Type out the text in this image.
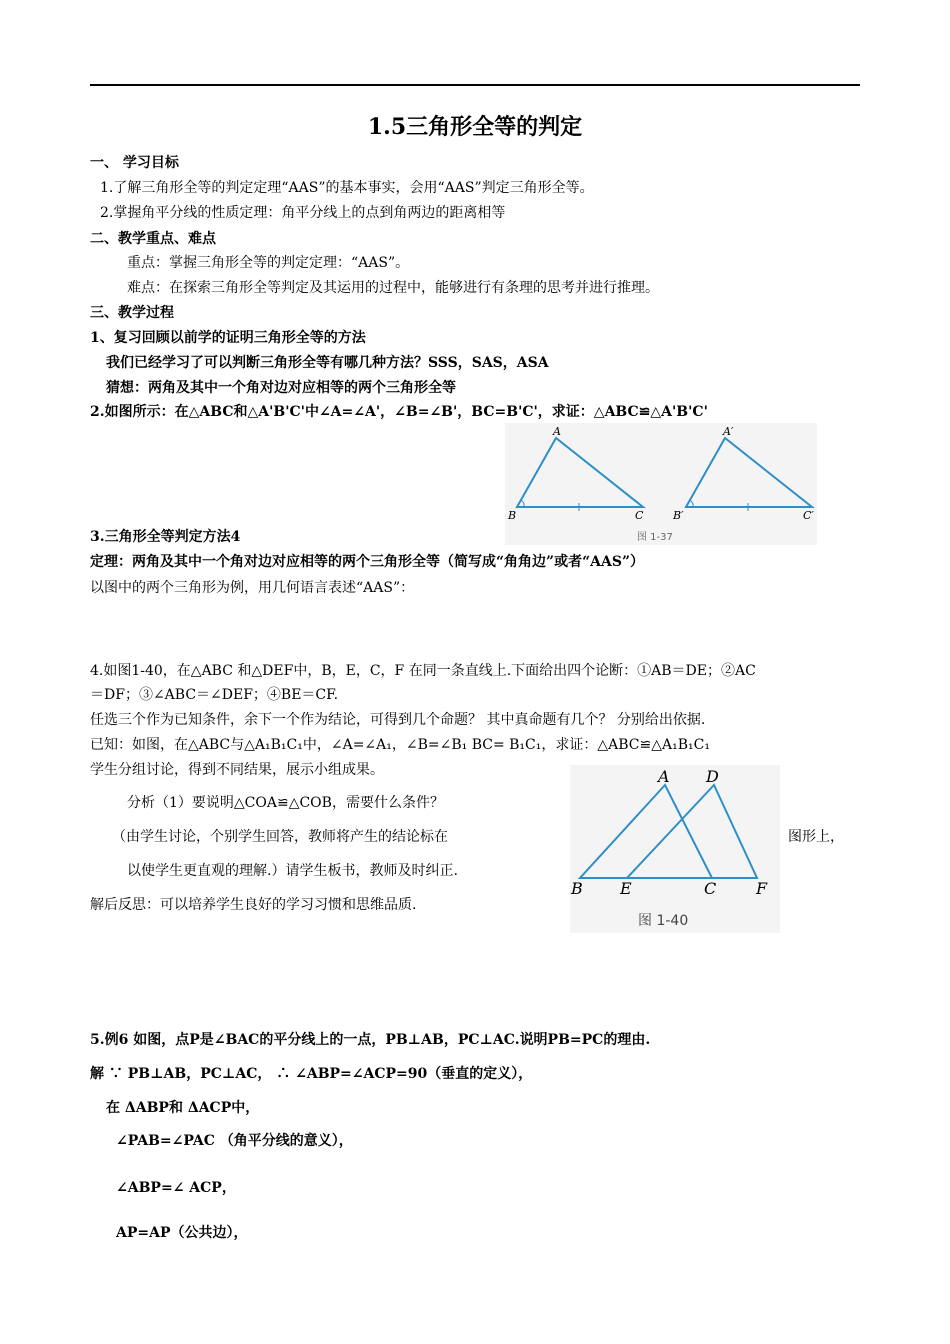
1.5三角形全等的判定
一、 学习目标
1.了解三角形全等的判定定理“AAS”的基本事实，会用“AAS”判定三角形全等。
2.掌握角平分线的性质定理：角平分线上的点到角两边的距离相等
二、教学重点、难点
重点：掌握三角形全等的判定定理：“AAS”。
难点：在探索三角形全等判定及其运用的过程中，能够进行有条理的思考并进行推理。
三、教学过程
1、复习回顾以前学的证明三角形全等的方法
我们已经学习了可以判断三角形全等有哪几种方法？SSS，SAS，ASA
猜想：两角及其中一个角对边对应相等的两个三角形全等
2.如图所示：在△ABC和△A'B'C'中∠A=∠A'，∠B=∠B'，BC=B'C'，求证：△ABC≌△A'B'C'
A
B	C
A′
B′	C′
图 1-37
3.三角形全等判定方法4
定理：两角及其中一个角对边对应相等的两个三角形全等（简写成“角角边”或者“AAS”）
以图中的两个三角形为例，用几何语言表述“AAS”：
4.如图1-40，在△ABC 和△DEF中，B，E，C，F 在同一条直线上.下面给出四个论断：①AB＝DE；②AC
＝DF；③∠ABC＝∠DEF；④BE＝CF.
任选三个作为已知条件，余下一个作为结论，可得到几个命题？ 其中真命题有几个？ 分别给出依据.
已知：如图，在△ABC与△A₁B₁C₁中，∠A=∠A₁，∠B=∠B₁ BC= B₁C₁，求证：△ABC≌△A₁B₁C₁
学生分组讨论，得到不同结果，展示小组成果。	A D
B E	C F
图 1-40
分析（1）要说明△COA≌△COB，需要什么条件？
（由学生讨论，个别学生回答，教师将产生的结论标在	图形上，
以使学生更直观的理解.）请学生板书，教师及时纠正.
解后反思：可以培养学生良好的学习习惯和思维品质.
5.例6 如图，点P是∠BAC的平分线上的一点，PB⊥AB，PC⊥AC.说明PB=PC的理由.
解 ∵ PB⊥AB，PC⊥AC， ∴ ∠ABP=∠ACP=90（垂直的定义），
在 ΔABP和 ΔACP中，
∠PAB=∠PAC （角平分线的意义），
∠ABP=∠ ACP，
AP=AP（公共边），
